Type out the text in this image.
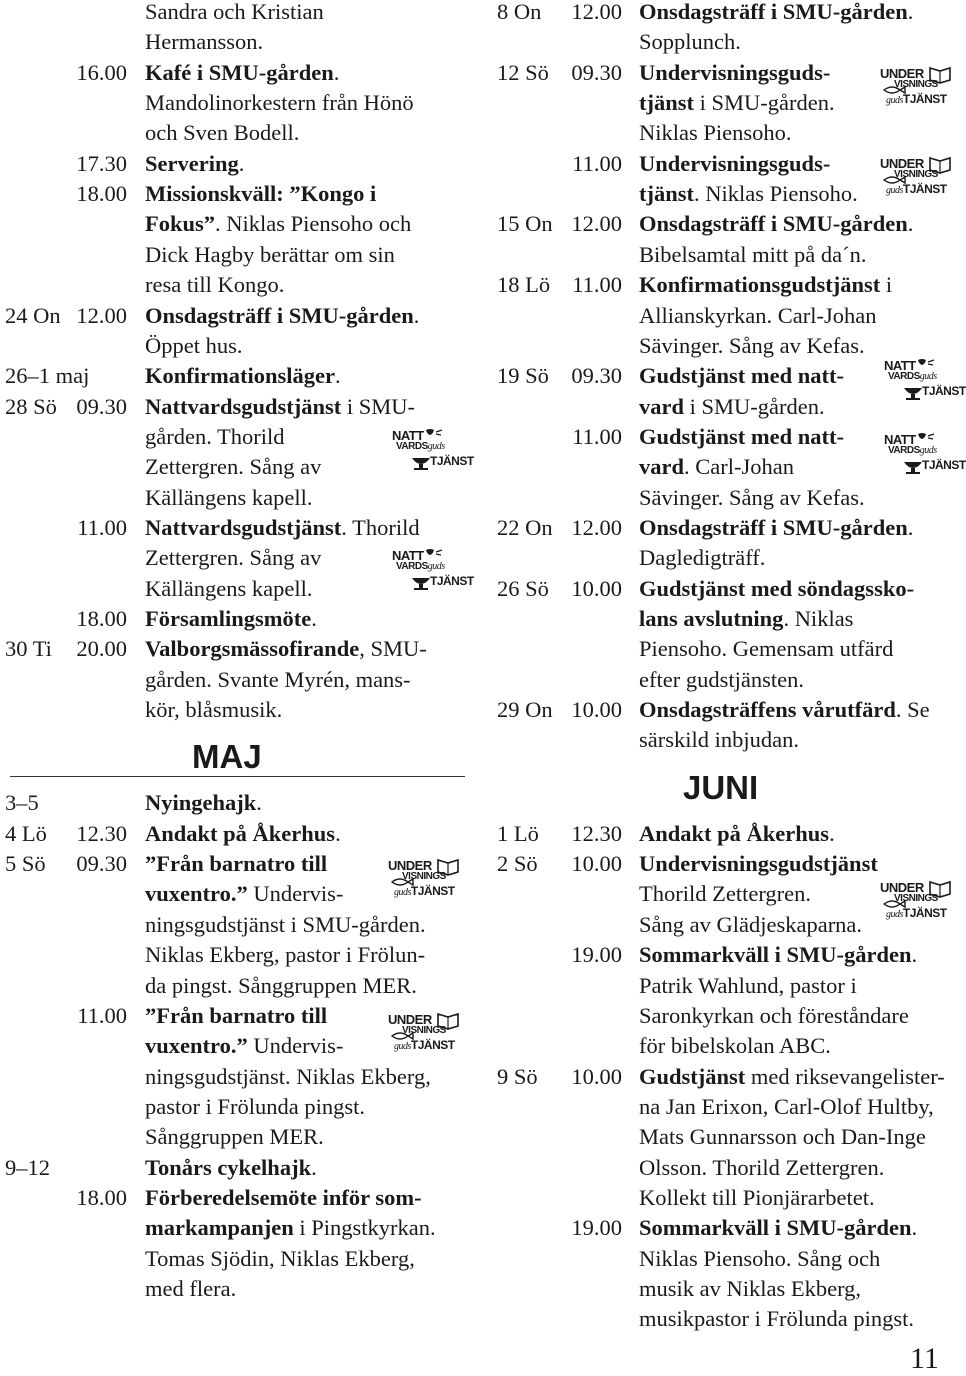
Sandra och Kristian
Hermansson.
16.00 Kafé i SMU-gården.
Mandolinorkestern från Hönö
och Sven Bodell.
17.30 Servering.
18.00 Missionskväll: ”Kongo i
Fokus”. Niklas Piensoho och
Dick Hagby berättar om sin
resa till Kongo.
24 On 12.00 Onsdagsträff i SMU-gården.
Öppet hus.
26–1 maj Konfirmationsläger.
28 Sö 09.30 Nattvardsgudstjänst i SMU-
gården. Thorild
Zettergren. Sång av
Källängens kapell.
11.00 Nattvardsgudstjänst. Thorild
Zettergren. Sång av
Källängens kapell.
18.00 Församlingsmöte.
30 Ti 20.00 Valborgsmässofirande, SMU-
gården. Svante Myrén, mans-
kör, blåsmusik.
3–5	Nyingehajk.
4 Lö 12.30 Andakt på Åkerhus.
5 Sö 09.30 ”Från barnatro till
vuxentro.” Undervis-
ningsgudstjänst i SMU-gården.
Niklas Ekberg, pastor i Frölun-
da pingst. Sånggruppen MER.
11.00 ”Från barnatro till
vuxentro.” Undervis-
ningsgudstjänst. Niklas Ekberg,
pastor i Frölunda pingst.
Sånggruppen MER.
9–12	Tonårs cykelhajk.
18.00 Förberedelsemöte inför som-
markampanjen i Pingstkyrkan.
Tomas Sjödin, Niklas Ekberg,
med flera.
8 On 12.00 Onsdagsträff i SMU-gården.
Sopplunch.
12 Sö 09.30 Undervisningsguds-
tjänst i SMU-gården.
Niklas Piensoho.
11.00 Undervisningsguds-
tjänst. Niklas Piensoho.
15 On 12.00 Onsdagsträff i SMU-gården.
Bibelsamtal mitt på da´n.
18 Lö 11.00 Konfirmationsgudstjänst i
Allianskyrkan. Carl-Johan
Sävinger. Sång av Kefas.
19 Sö 09.30 Gudstjänst med natt-
vard i SMU-gården.
11.00 Gudstjänst med natt-
vard. Carl-Johan
Sävinger. Sång av Kefas.
22 On 12.00 Onsdagsträff i SMU-gården.
Dagledigträff.
26 Sö 10.00 Gudstjänst med söndagssko-
lans avslutning. Niklas
Piensoho. Gemensam utfärd
efter gudstjänsten.
29 On 10.00 Onsdagsträffens vårutfärd. Se
särskild inbjudan.
1 Lö 12.30 Andakt på Åkerhus.
2 Sö 10.00 Undervisningsgudstjänst
Thorild Zettergren.
Sång av Glädjeskaparna.
19.00 Sommarkväll i SMU-gården.
Patrik Wahlund, pastor i
Saronkyrkan och föreståndare
för bibelskolan ABC.
9 Sö 10.00 Gudstjänst med riksevangelister-
na Jan Erixon, Carl-Olof Hultby,
Mats Gunnarsson och Dan-Inge
Olsson. Thorild Zettergren.
Kollekt till Pionjärarbetet.
19.00 Sommarkväll i SMU-gården.
Niklas Piensoho. Sång och
musik av Niklas Ekberg,
musikpastor i Frölunda pingst.
MAJ
JUNI
11
NATT
VARDSguds
TJÄNST
NATT
VARDSguds
TJÄNST
UNDER
VISNINGS
gudsTJÄNST
UNDER
VISNINGS
gudsTJÄNST
UNDER
VISNINGS
gudsTJÄNST
UNDER
VISNINGS
gudsTJÄNST
NATT
VARDSguds
TJÄNST
NATT
VARDSguds
TJÄNST
UNDER
VISNINGS
gudsTJÄNST
